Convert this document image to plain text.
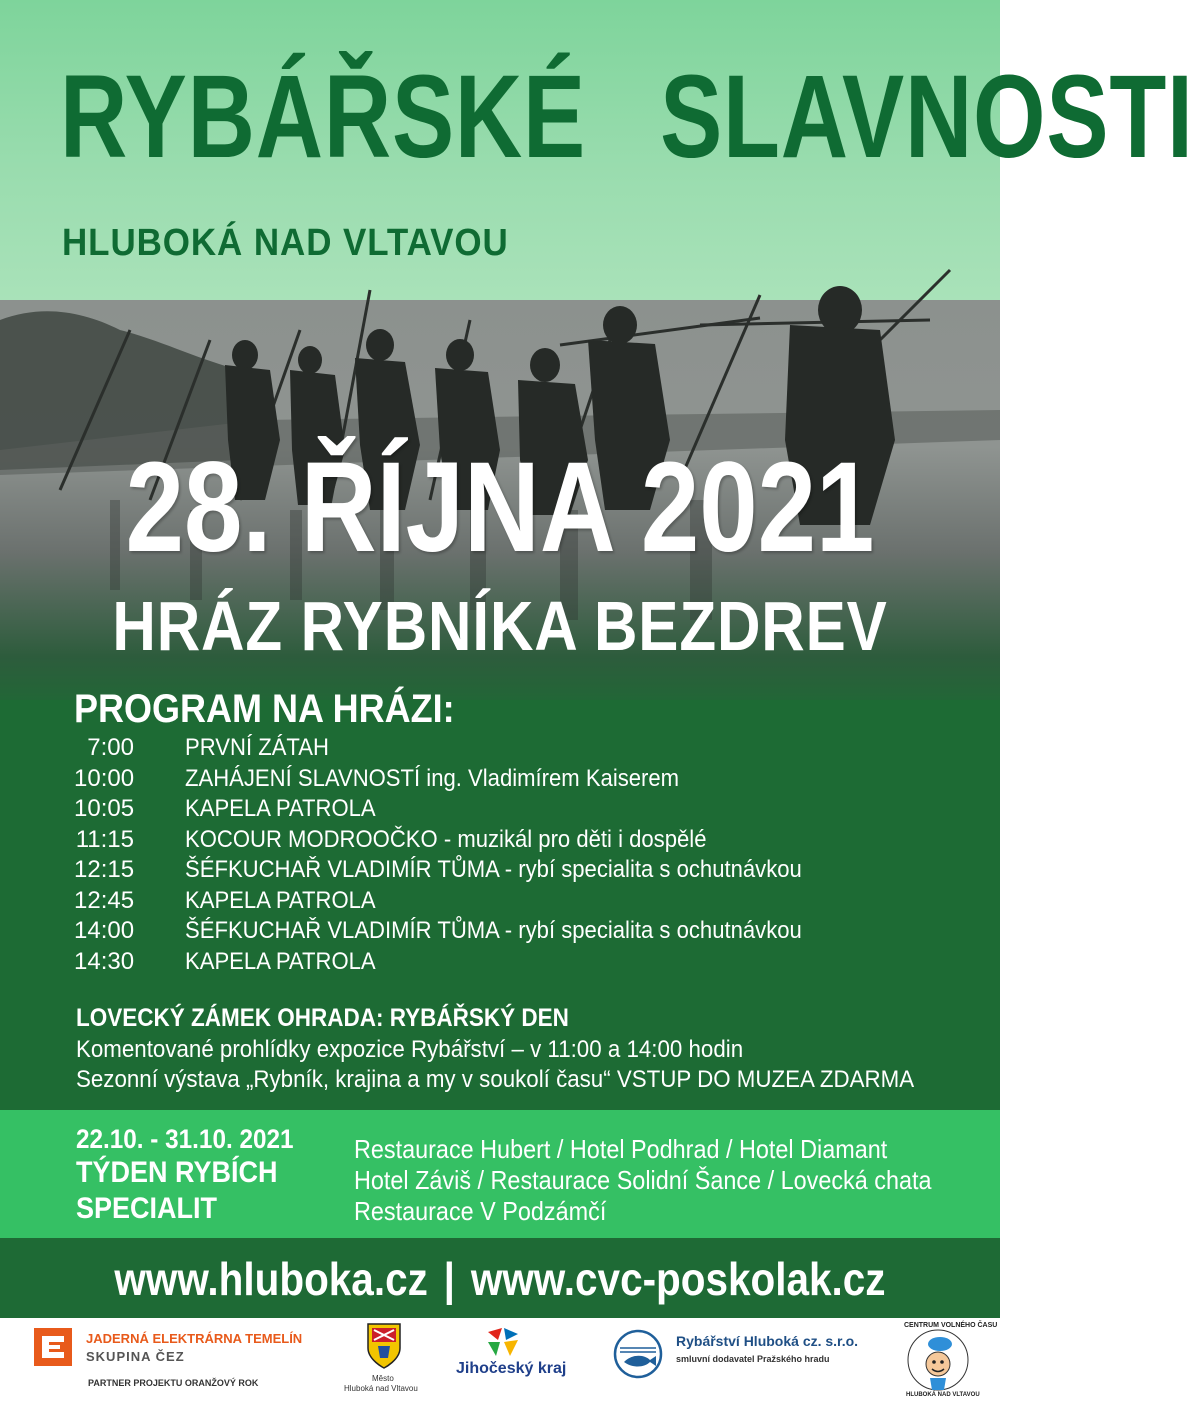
RYBÁŘSKÉ SLAVNOSTI
HLUBOKÁ NAD VLTAVOU
28. ŘÍJNA 2021
HRÁZ RYBNÍKA BEZDREV
PROGRAM NA HRÁZI:
7:00 PRVNÍ ZÁTAH
10:00 ZAHÁJENÍ SLAVNOSTÍ ing. Vladimírem Kaiserem
10:05 KAPELA PATROLA
11:15 KOCOUR MODROOČKO - muzikál pro děti i dospělé
12:15 ŠÉFKUCHAŘ VLADIMÍR TŮMA - rybí specialita s ochutnávkou
12:45 KAPELA PATROLA
14:00 ŠÉFKUCHAŘ VLADIMÍR TŮMA - rybí specialita s ochutnávkou
14:30 KAPELA PATROLA
LOVECKÝ ZÁMEK OHRADA: RYBÁŘSKÝ DEN
Komentované prohlídky expozice Rybářství – v 11:00 a 14:00 hodin
Sezonní výstava „Rybník, krajina a my v soukolí času“ VSTUP DO MUZEA ZDARMA
22.10. - 31.10. 2021
TÝDEN RYBÍCH
SPECIALIT
Restaurace Hubert / Hotel Podhrad / Hotel Diamant
Hotel Záviš / Restaurace Solidní Šance / Lovecká chata
Restaurace V Podzámčí
www.hluboka.cz | www.cvc-poskolak.cz
JADERNÁ ELEKTRÁRNA TEMELÍN
SKUPINA ČEZ
PARTNER PROJEKTU ORANŽOVÝ ROK	Město
Hluboká nad Vltavou
Jihočeský kraj
Rybářství Hluboká cz. s.r.o.
smluvní dodavatel Pražského hradu
CENTRUM VOLNÉHO ČASU
HLUBOKÁ NAD VLTAVOU
